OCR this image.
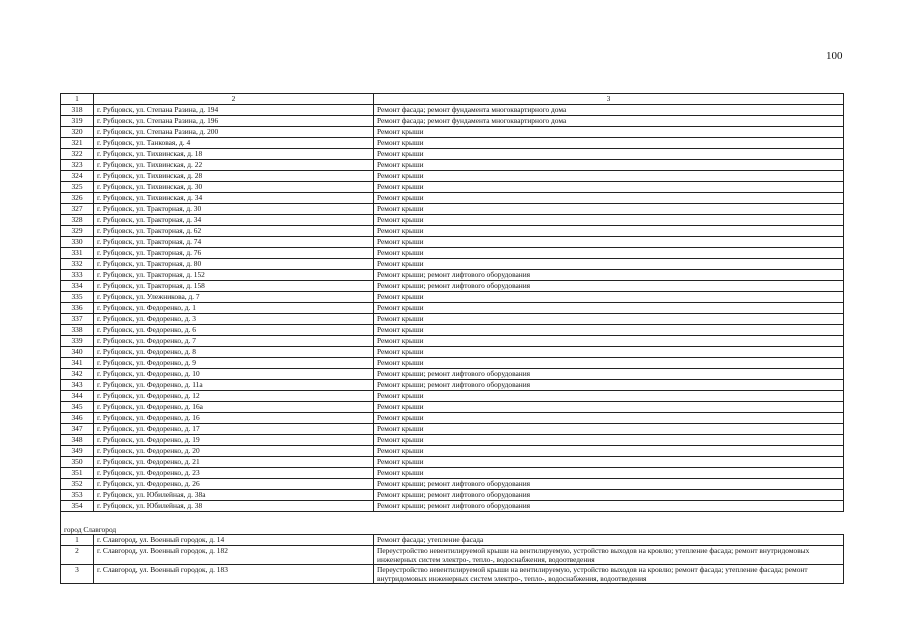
100
1	2	3
318	г. Рубцовск, ул. Степана Разина, д. 194	Ремонт фасада; ремонт фундамента многоквартирного дома
319	г. Рубцовск, ул. Степана Разина, д. 196	Ремонт фасада; ремонт фундамента многоквартирного дома
320	г. Рубцовск, ул. Степана Разина, д. 200	Ремонт крыши
321	г. Рубцовск, ул. Танковая, д. 4	Ремонт крыши
322	г. Рубцовск, ул. Тихвинская, д. 18	Ремонт крыши
323	г. Рубцовск, ул. Тихвинская, д. 22	Ремонт крыши
324	г. Рубцовск, ул. Тихвинская, д. 28	Ремонт крыши
325	г. Рубцовск, ул. Тихвинская, д. 30	Ремонт крыши
326	г. Рубцовск, ул. Тихвинская, д. 34	Ремонт крыши
327	г. Рубцовск, ул. Тракторная, д. 30	Ремонт крыши
328	г. Рубцовск, ул. Тракторная, д. 34	Ремонт крыши
329	г. Рубцовск, ул. Тракторная, д. 62	Ремонт крыши
330	г. Рубцовск, ул. Тракторная, д. 74	Ремонт крыши
331	г. Рубцовск, ул. Тракторная, д. 76	Ремонт крыши
332	г. Рубцовск, ул. Тракторная, д. 80	Ремонт крыши
333	г. Рубцовск, ул. Тракторная, д. 152	Ремонт крыши; ремонт лифтового оборудования
334	г. Рубцовск, ул. Тракторная, д. 158	Ремонт крыши; ремонт лифтового оборудования
335	г. Рубцовск, ул. Улежникова, д. 7	Ремонт крыши
336	г. Рубцовск, ул. Федоренко, д. 1	Ремонт крыши
337	г. Рубцовск, ул. Федоренко, д. 3	Ремонт крыши
338	г. Рубцовск, ул. Федоренко, д. 6	Ремонт крыши
339	г. Рубцовск, ул. Федоренко, д. 7	Ремонт крыши
340	г. Рубцовск, ул. Федоренко, д. 8	Ремонт крыши
341	г. Рубцовск, ул. Федоренко, д. 9	Ремонт крыши
342	г. Рубцовск, ул. Федоренко, д. 10	Ремонт крыши; ремонт лифтового оборудования
343	г. Рубцовск, ул. Федоренко, д. 11а	Ремонт крыши; ремонт лифтового оборудования
344	г. Рубцовск, ул. Федоренко, д. 12	Ремонт крыши
345	г. Рубцовск, ул. Федоренко, д. 16а	Ремонт крыши
346	г. Рубцовск, ул. Федоренко, д. 16	Ремонт крыши
347	г. Рубцовск, ул. Федоренко, д. 17	Ремонт крыши
348	г. Рубцовск, ул. Федоренко, д. 19	Ремонт крыши
349	г. Рубцовск, ул. Федоренко, д. 20	Ремонт крыши
350	г. Рубцовск, ул. Федоренко, д. 21	Ремонт крыши
351	г. Рубцовск, ул. Федоренко, д. 23	Ремонт крыши
352	г. Рубцовск, ул. Федоренко, д. 26	Ремонт крыши; ремонт лифтового оборудования
353	г. Рубцовск, ул. Юбилейная, д. 38а	Ремонт крыши; ремонт лифтового оборудования
354	г. Рубцовск, ул. Юбилейная, д. 38	Ремонт крыши; ремонт лифтового оборудования
город Славгород		
1	г. Славгород, ул. Военный городок, д. 14	Ремонт фасада; утепление фасада
2	г. Славгород, ул. Военный городок, д. 182	Переустройство невентилируемой крыши на вентилируемую, устройство выходов на кровлю; утепление фасада; ремонт внутридомовых инженерных систем электро-, тепло-, водоснабжения, водоотведения
3	г. Славгород, ул. Военный городок, д. 183	Переустройство невентилируемой крыши на вентилируемую, устройство выходов на кровлю; ремонт фасада; утепление фасада; ремонт внутридомовых инженерных систем электро-, тепло-, водоснабжения, водоотведения
